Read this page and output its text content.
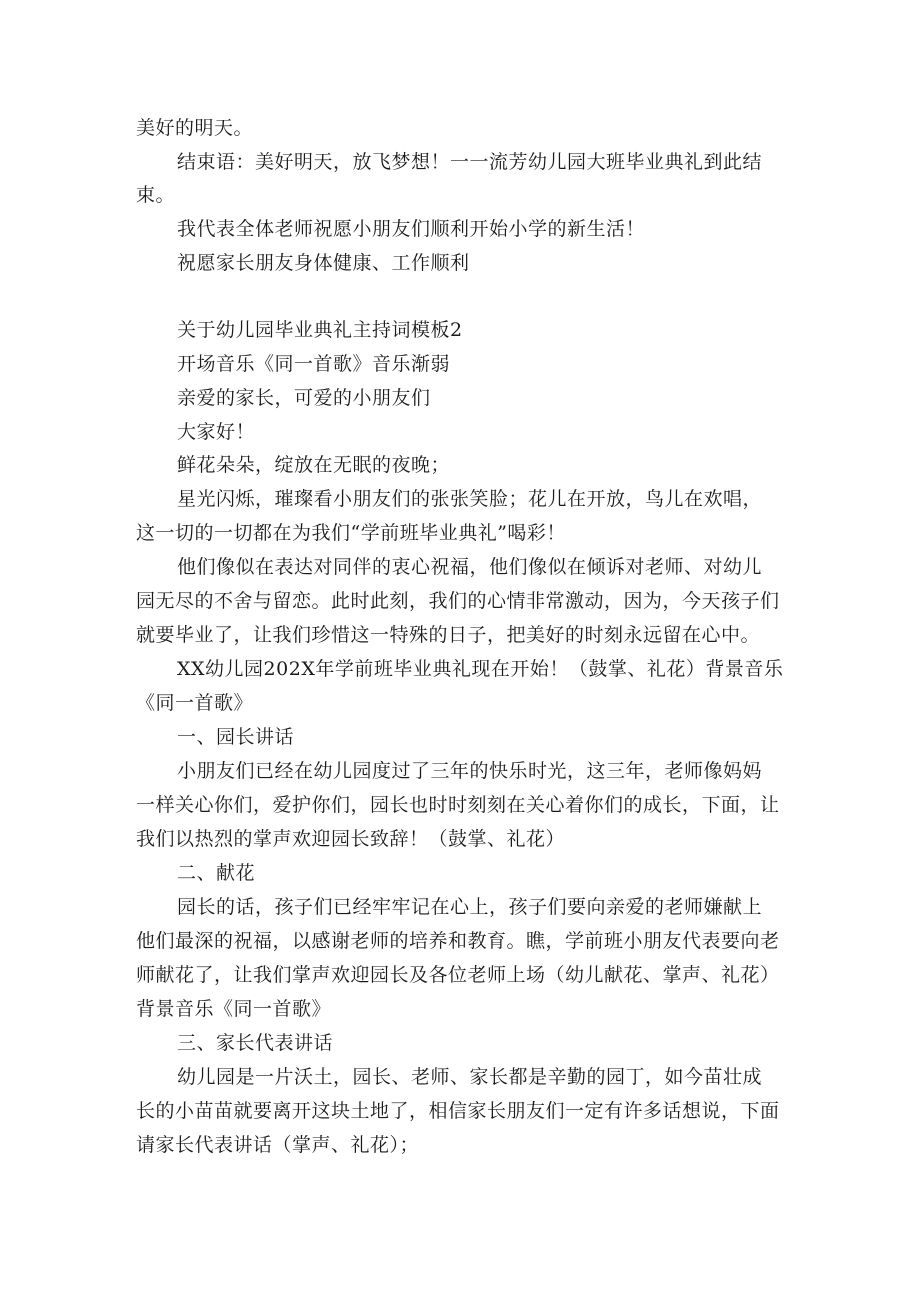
美好的明天。
结束语：美好明天，放飞梦想！一一流芳幼儿园大班毕业典礼到此结
束。
我代表全体老师祝愿小朋友们顺利开始小学的新生活！
祝愿家长朋友身体健康、工作顺利
关于幼儿园毕业典礼主持词模板2
开场音乐《同一首歌》音乐渐弱
亲爱的家长，可爱的小朋友们
大家好！
鲜花朵朵，绽放在无眠的夜晚；
星光闪烁，璀璨看小朋友们的张张笑脸；花儿在开放，鸟儿在欢唱，
这一切的一切都在为我们“学前班毕业典礼”喝彩！
他们像似在表达对同伴的衷心祝福，他们像似在倾诉对老师、对幼儿
园无尽的不舍与留恋。此时此刻，我们的心情非常激动，因为，今天孩子们
就要毕业了，让我们珍惜这一特殊的日子，把美好的时刻永远留在心中。
XX幼儿园202X年学前班毕业典礼现在开始！（鼓掌、礼花）背景音乐
《同一首歌》
一、园长讲话
小朋友们已经在幼儿园度过了三年的快乐时光，这三年，老师像妈妈
一样关心你们，爱护你们，园长也时时刻刻在关心着你们的成长，下面，让
我们以热烈的掌声欢迎园长致辞！（鼓掌、礼花）
二、献花
园长的话，孩子们已经牢牢记在心上，孩子们要向亲爱的老师嫌献上
他们最深的祝福，以感谢老师的培养和教育。瞧，学前班小朋友代表要向老
师献花了，让我们掌声欢迎园长及各位老师上场（幼儿献花、掌声、礼花）
背景音乐《同一首歌》
三、家长代表讲话
幼儿园是一片沃土，园长、老师、家长都是辛勤的园丁，如今苗壮成
长的小苗苗就要离开这块土地了，相信家长朋友们一定有许多话想说，下面
请家长代表讲话（掌声、礼花）；
